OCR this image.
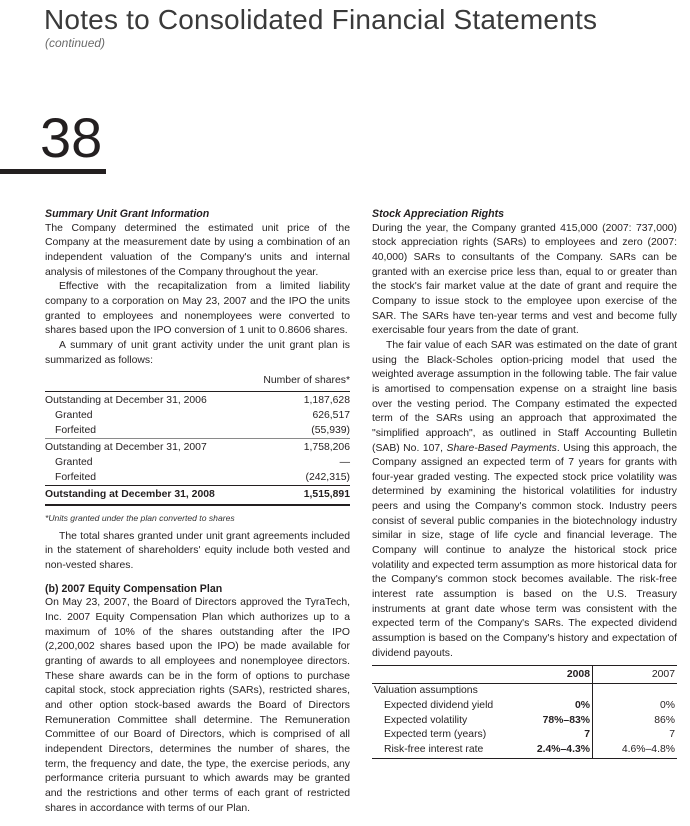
Notes to Consolidated Financial Statements
(continued)
38
Summary Unit Grant Information

The Company determined the estimated unit price of the Company at the measurement date by using a combination of an independent valuation of the Company's units and internal analysis of milestones of the Company throughout the year.

Effective with the recapitalization from a limited liability company to a corporation on May 23, 2007 and the IPO the units granted to employees and nonemployees were converted to shares based upon the IPO conversion of 1 unit to 0.8606 shares.

A summary of unit grant activity under the unit grant plan is summarized as follows:

	Number of shares*
Outstanding at December 31, 2006	1,187,628
Granted	626,517
Forfeited	(55,939)
Outstanding at December 31, 2007	1,758,206
Granted	—
Forfeited	(242,315)
Outstanding at December 31, 2008	1,515,891
*Units granted under the plan converted to shares

The total shares granted under unit grant agreements included in the statement of shareholders' equity include both vested and non-vested shares.

(b) 2007 Equity Compensation Plan

On May 23, 2007, the Board of Directors approved the TyraTech, Inc. 2007 Equity Compensation Plan which authorizes up to a maximum of 10% of the shares outstanding after the IPO (2,200,002 shares based upon the IPO) be made available for granting of awards to all employees and nonemployee directors. These share awards can be in the form of options to purchase capital stock, stock appreciation rights (SARs), restricted shares, and other option stock-based awards the Board of Directors Remuneration Committee shall determine. The Remuneration Committee of our Board of Directors, which is comprised of all independent Directors, determines the number of shares, the term, the frequency and date, the type, the exercise periods, any performance criteria pursuant to which awards may be granted and the restrictions and other terms of each grant of restricted shares in accordance with terms of our Plan.

Stock Appreciation Rights

During the year, the Company granted 415,000 (2007: 737,000) stock appreciation rights (SARs) to employees and zero (2007: 40,000) SARs to consultants of the Company. SARs can be granted with an exercise price less than, equal to or greater than the stock's fair market value at the date of grant and require the Company to issue stock to the employee upon exercise of the SAR. The SARs have ten-year terms and vest and become fully exercisable four years from the date of grant.

The fair value of each SAR was estimated on the date of grant using the Black-Scholes option-pricing model that used the weighted average assumption in the following table. The fair value is amortised to compensation expense on a straight line basis over the vesting period. The Company estimated the expected term of the SARs using an approach that approximated the "simplified approach", as outlined in Staff Accounting Bulletin (SAB) No. 107, Share-Based Payments. Using this approach, the Company assigned an expected term of 7 years for grants with four-year graded vesting. The expected stock price volatility was determined by examining the historical volatilities for industry peers and using the Company's common stock. Industry peers consist of several public companies in the biotechnology industry similar in size, stage of life cycle and financial leverage. The Company will continue to analyze the historical stock price volatility and expected term assumption as more historical data for the Company's common stock becomes available. The risk-free interest rate assumption is based on the U.S. Treasury instruments at grant date whose term was consistent with the expected term of the Company's SARs. The expected dividend assumption is based on the Company's history and expectation of dividend payouts.

	2008	2007
Valuation assumptions		
Expected dividend yield	0%	0%
Expected volatility	78%–83%	86%
Expected term (years)	7	7
Risk-free interest rate	2.4%–4.3%	4.6%–4.8%
